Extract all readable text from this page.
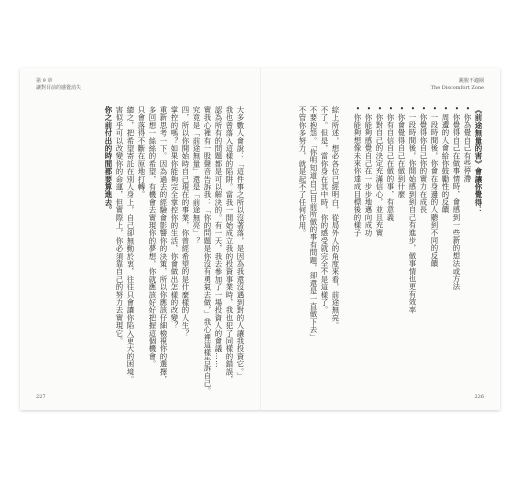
第 9 章
讓對目前的感覺消失

大多數人會說：「這件事之所以沒著落，是因為我還沒遇到對的人讓我投資它。」

我也曾落入這樣的陷阱。當我一開始成立我的投資事業時，我也犯了同樣的錯誤，

認為所有的問題都是可以解決的。有一天，我去參加了一場投資人的會議……

實我心裡有一股聲音告訴我：「你的問題是你沒有勇氣去做，」我心裡這樣告訴自己。

究竟是「前途無量」還是「前途無亮」？

四，所以你開始時自己現在的事業，你曾經希望的是什麼樣的人生？

掌控的嗎？如果你能夠完全掌控你的生活，你會做出怎樣的改變？

重新思考一下。因為過去的經驗會影響你的決策，所以你應該仔細檢視你的選擇，

多回想一絲絲的希望，有機會去實現你的夢想，你就應該好好把握這個機會。

只會落得不斷在原地打轉。

總之，把希望寄託在別人身上，自己卻無動於衷，往往只會讓你陷入更大的困境。

害似乎可以改變你的命運，但實際上，你必須靠自己的努力去實現它。

你之前付出的時間都要算進去。

227
跳脫不適圈
The Discomfort Zone

《前途無量的害》會讓你覺得：

• 你為覺自己有些停滯

• 你覺得自己在做事情時，會感到一些新的想法或方法

• 周遭的人會給你鼓勵性的反饋

• 一段時間後，你會在身邊的人聽到不同的反饋

• 你覺得你自己你的實力在成長

• 一段時間後，你開始感到到自己有進步，做事情也更有效率

• 你會覺得自己在做到什麼

• 你有自信自己在做的事，有意義

• 你對自己的決定充滿信心，並且充實

• 你能夠感覺自己在一步步地邁向成功

• 你能夠想像未來你達成目標後的樣子

綜上所述，想必各位已經明白，從局外人的角度來看，前途無亮。

不了。但是，當你身在其中時，你的感受就完全不是這樣了。

不要抱怨。「你明知道自己目前所做的事有問題，卻還是一直做下去」

不管你多努力，就是起不了任何作用。

226
